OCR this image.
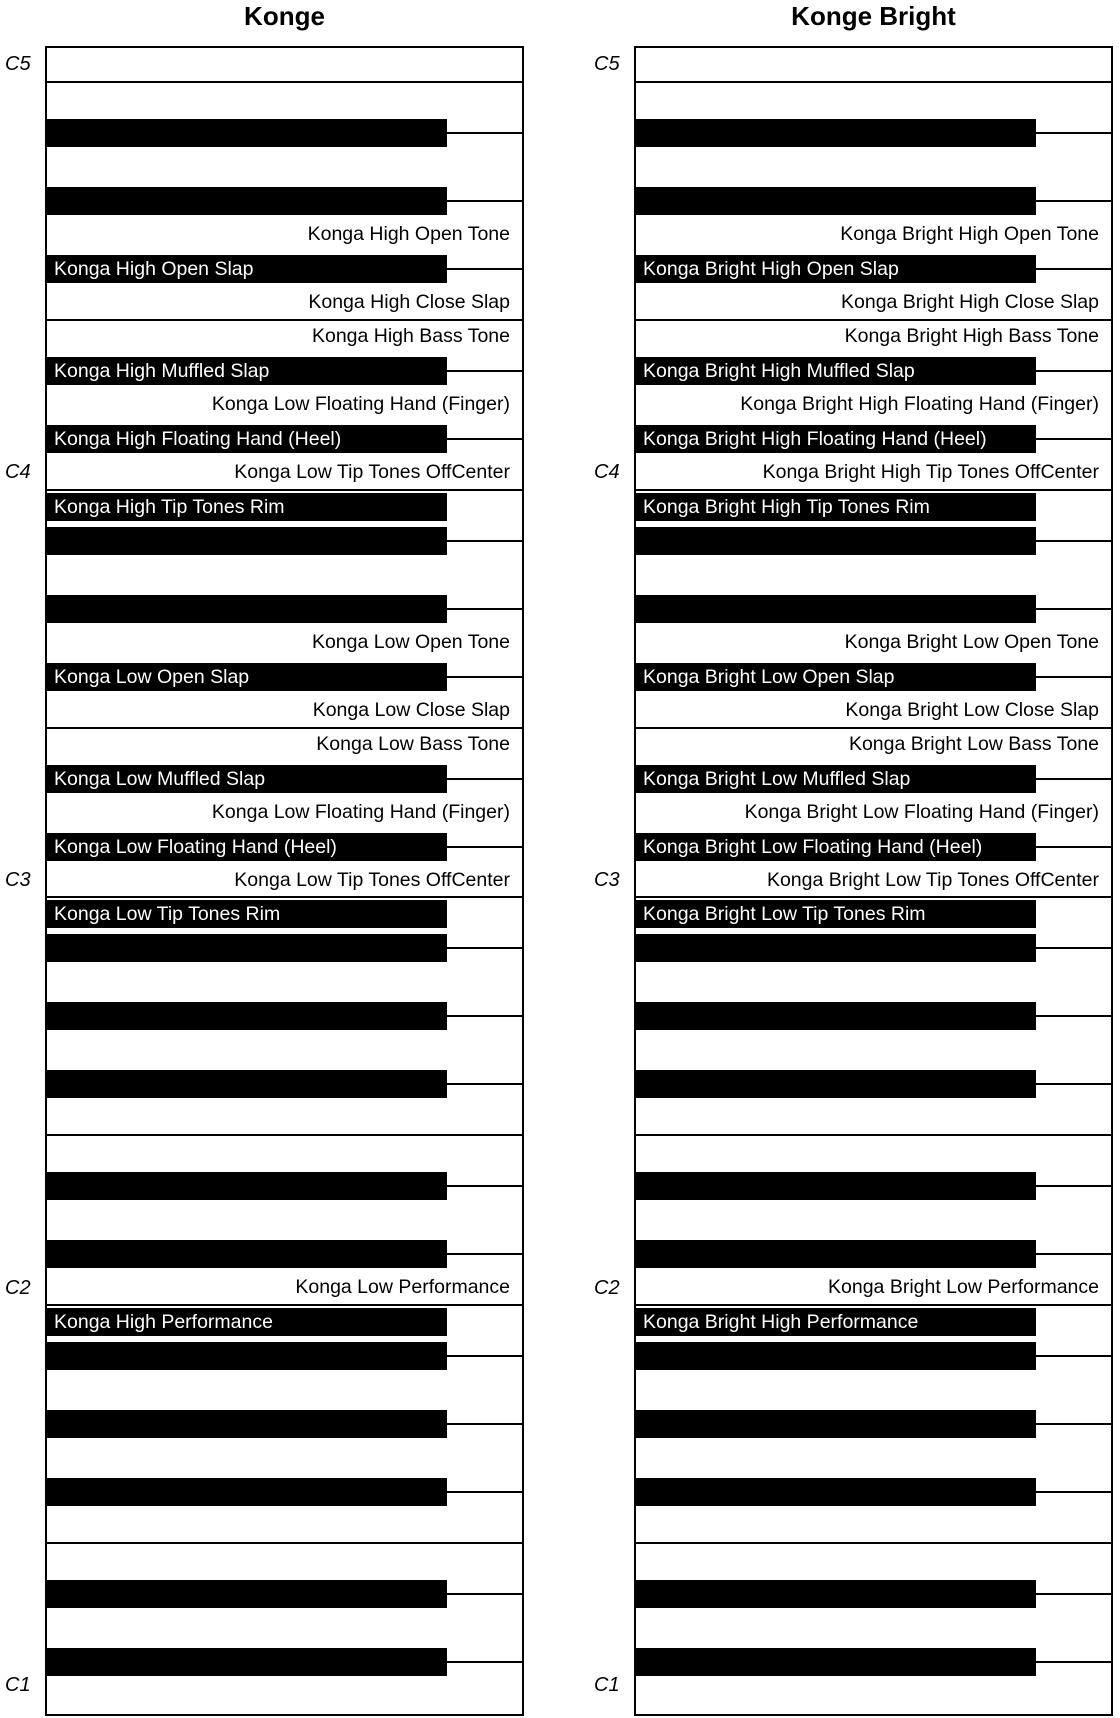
Konge	Konge Bright
C5
C4
C3
C2
C1
C5
C4
C3
C2
C1
Konga Low Performance
Konga Low Tip Tones OffCenter
Konga Low Floating Hand (Finger)
Konga Low Bass Tone
Konga Low Close Slap
Konga Low Open Tone
Konga Low Tip Tones OffCenter
Konga Low Floating Hand (Finger)
Konga High Bass Tone
Konga High Close Slap
Konga High Open Tone
Konga Low Floating Hand (Heel)
Konga Low Muffled Slap
Konga Low Open Slap
Konga High Floating Hand (Heel)
Konga High Muffled Slap
Konga High Open Slap
Konga High Tip Tones Rim
Konga Low Tip Tones Rim
Konga High Performance
Konga Bright Low Performance
Konga Bright Low Tip Tones OffCenter
Konga Bright Low Floating Hand (Finger)
Konga Bright Low Bass Tone
Konga Bright Low Close Slap
Konga Bright Low Open Tone
Konga Bright High Tip Tones OffCenter
Konga Bright High Floating Hand (Finger)
Konga Bright High Bass Tone
Konga Bright High Close Slap
Konga Bright High Open Tone
Konga Bright Low Floating Hand (Heel)
Konga Bright Low Muffled Slap
Konga Bright Low Open Slap
Konga Bright High Floating Hand (Heel)
Konga Bright High Muffled Slap
Konga Bright High Open Slap
Konga Bright High Tip Tones Rim
Konga Bright Low Tip Tones Rim
Konga Bright High Performance
